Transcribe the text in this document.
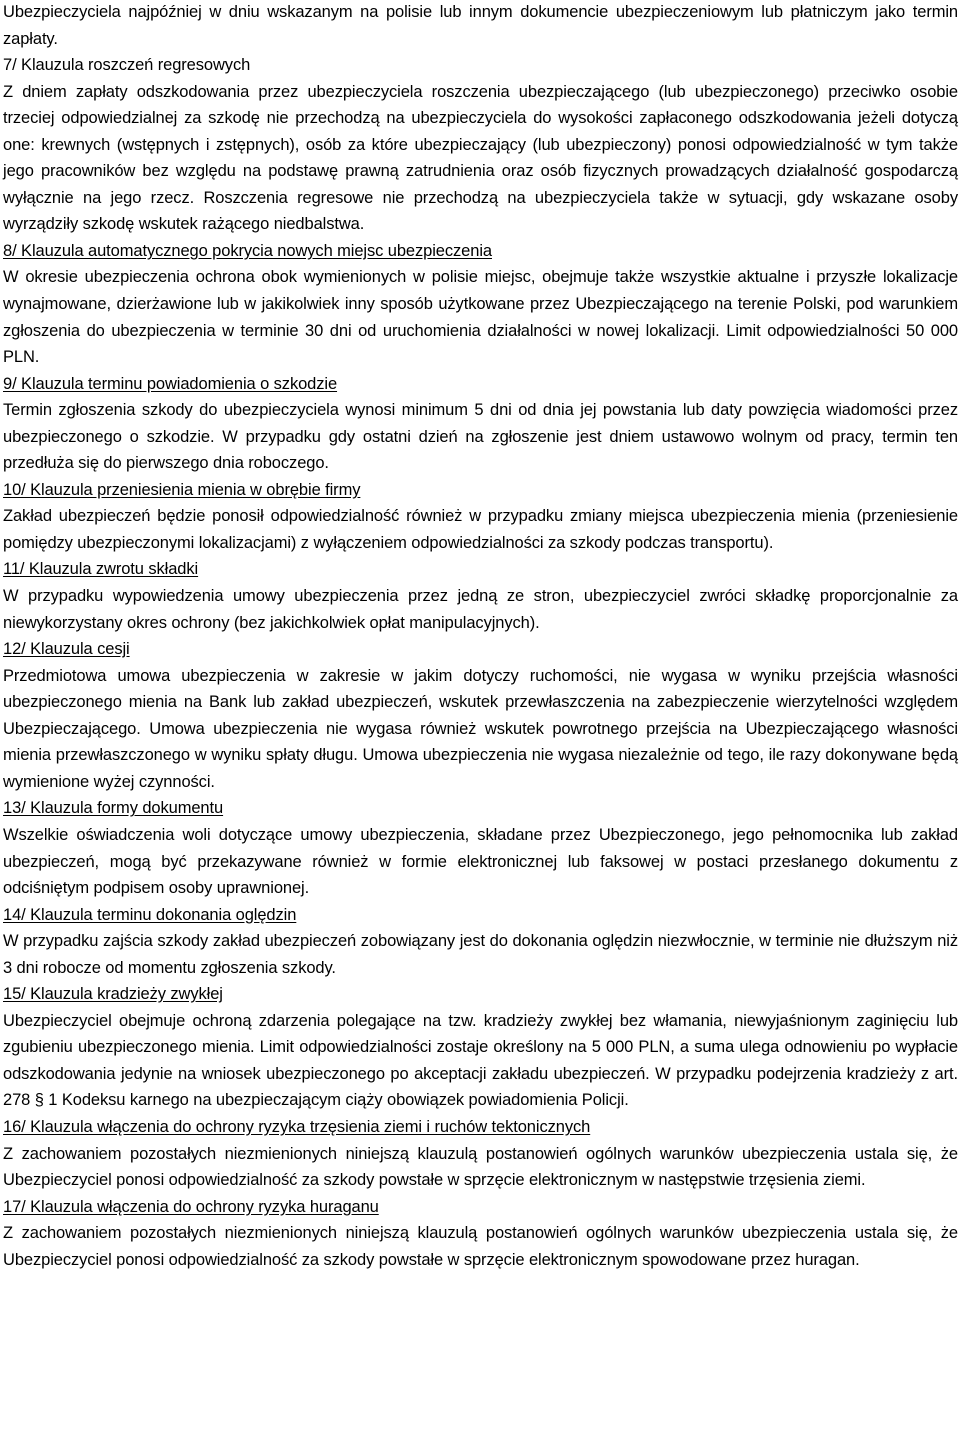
Ubezpieczyciela najpóźniej w dniu wskazanym na polisie lub innym dokumencie ubezpieczeniowym lub płatniczym jako termin zapłaty.

7/ Klauzula roszczeń regresowych

Z dniem zapłaty odszkodowania przez ubezpieczyciela roszczenia ubezpieczającego (lub ubezpieczonego) przeciwko osobie trzeciej odpowiedzialnej za szkodę nie przechodzą na ubezpieczyciela do wysokości zapłaconego odszkodowania jeżeli dotyczą one: krewnych (wstępnych i zstępnych), osób za które ubezpieczający (lub ubezpieczony) ponosi odpowiedzialność w tym także jego pracowników bez względu na podstawę prawną zatrudnienia oraz osób fizycznych prowadzących działalność gospodarczą wyłącznie na jego rzecz. Roszczenia regresowe nie przechodzą na ubezpieczyciela także w sytuacji, gdy wskazane osoby wyrządziły szkodę wskutek rażącego niedbalstwa.

8/ Klauzula automatycznego pokrycia nowych miejsc ubezpieczenia

W okresie ubezpieczenia ochrona obok wymienionych w polisie miejsc, obejmuje także wszystkie aktualne i przyszłe lokalizacje wynajmowane, dzierżawione lub w jakikolwiek inny sposób użytkowane przez Ubezpieczającego na terenie Polski, pod warunkiem zgłoszenia do ubezpieczenia w terminie 30 dni od uruchomienia działalności w nowej lokalizacji. Limit odpowiedzialności 50 000 PLN.

9/ Klauzula terminu powiadomienia o szkodzie

Termin zgłoszenia szkody do ubezpieczyciela wynosi minimum 5 dni od dnia jej powstania lub daty powzięcia wiadomości przez ubezpieczonego o szkodzie. W przypadku gdy ostatni dzień na zgłoszenie jest dniem ustawowo wolnym od pracy, termin ten przedłuża się do pierwszego dnia roboczego.

10/ Klauzula przeniesienia mienia w obrębie firmy

Zakład ubezpieczeń będzie ponosił odpowiedzialność również w przypadku zmiany miejsca ubezpieczenia mienia (przeniesienie pomiędzy ubezpieczonymi lokalizacjami) z wyłączeniem odpowiedzialności za szkody podczas transportu).

11/ Klauzula zwrotu składki

W przypadku wypowiedzenia umowy ubezpieczenia przez jedną ze stron, ubezpieczyciel zwróci składkę proporcjonalnie za niewykorzystany okres ochrony (bez jakichkolwiek opłat manipulacyjnych).

12/ Klauzula cesji

Przedmiotowa umowa ubezpieczenia w zakresie w jakim dotyczy ruchomości, nie wygasa w wyniku przejścia własności ubezpieczonego mienia na Bank lub zakład ubezpieczeń, wskutek przewłaszczenia na zabezpieczenie wierzytelności względem Ubezpieczającego. Umowa ubezpieczenia nie wygasa również wskutek powrotnego przejścia na Ubezpieczającego własności mienia przewłaszczonego w wyniku spłaty długu. Umowa ubezpieczenia nie wygasa niezależnie od tego, ile razy dokonywane będą wymienione wyżej czynności.

13/ Klauzula formy dokumentu

Wszelkie oświadczenia woli dotyczące umowy ubezpieczenia, składane przez Ubezpieczonego, jego pełnomocnika lub zakład ubezpieczeń, mogą być przekazywane również w formie elektronicznej lub faksowej w postaci przesłanego dokumentu z odciśniętym podpisem osoby uprawnionej.

14/ Klauzula terminu dokonania oględzin

W przypadku zajścia szkody zakład ubezpieczeń zobowiązany jest do dokonania oględzin niezwłocznie, w terminie nie dłuższym niż 3 dni robocze od momentu zgłoszenia szkody.

15/ Klauzula kradzieży zwykłej

Ubezpieczyciel obejmuje ochroną zdarzenia polegające na tzw. kradzieży zwykłej bez włamania, niewyjaśnionym zaginięciu lub zgubieniu ubezpieczonego mienia. Limit odpowiedzialności zostaje określony na 5 000 PLN, a suma ulega odnowieniu po wypłacie odszkodowania jedynie na wniosek ubezpieczonego po akceptacji zakładu ubezpieczeń. W przypadku podejrzenia kradzieży z art. 278 § 1 Kodeksu karnego na ubezpieczającym ciąży obowiązek powiadomienia Policji.

16/ Klauzula włączenia do ochrony ryzyka trzęsienia ziemi i ruchów tektonicznych

Z zachowaniem pozostałych niezmienionych niniejszą klauzulą postanowień ogólnych warunków ubezpieczenia ustala się, że Ubezpieczyciel ponosi odpowiedzialność za szkody powstałe w sprzęcie elektronicznym w następstwie trzęsienia ziemi.

17/ Klauzula włączenia do ochrony ryzyka huraganu

Z zachowaniem pozostałych niezmienionych niniejszą klauzulą postanowień ogólnych warunków ubezpieczenia ustala się, że Ubezpieczyciel ponosi odpowiedzialność za szkody powstałe w sprzęcie elektronicznym spowodowane przez huragan.
